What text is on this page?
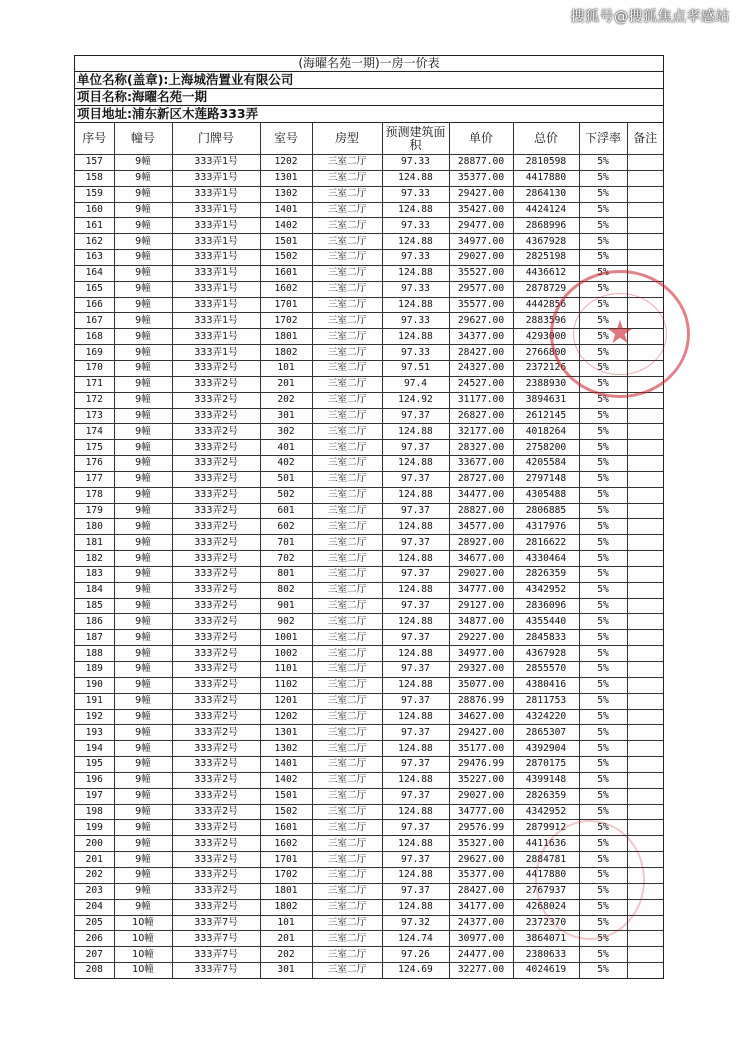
搜狐号@搜狐焦点孝感站
(海曜名苑一期)一房一价表
单位名称(盖章):上海城浩置业有限公司
项目名称:海曜名苑一期
项目地址:浦东新区木莲路333弄
序号	幢号	门牌号	室号	房型	预测建筑面积	单价	总价	下浮率	备注
157	9幢	333弄1号	1202	三室二厅	97.33	28877.00	2810598	5%	
158	9幢	333弄1号	1301	三室二厅	124.88	35377.00	4417880	5%	
159	9幢	333弄1号	1302	三室二厅	97.33	29427.00	2864130	5%	
160	9幢	333弄1号	1401	三室二厅	124.88	35427.00	4424124	5%	
161	9幢	333弄1号	1402	三室二厅	97.33	29477.00	2868996	5%	
162	9幢	333弄1号	1501	三室二厅	124.88	34977.00	4367928	5%	
163	9幢	333弄1号	1502	三室二厅	97.33	29027.00	2825198	5%	
164	9幢	333弄1号	1601	三室二厅	124.88	35527.00	4436612	5%	
165	9幢	333弄1号	1602	三室二厅	97.33	29577.00	2878729	5%	
166	9幢	333弄1号	1701	三室二厅	124.88	35577.00	4442856	5%	
167	9幢	333弄1号	1702	三室二厅	97.33	29627.00	2883596	5%	
168	9幢	333弄1号	1801	三室二厅	124.88	34377.00	4293000	5%	
169	9幢	333弄1号	1802	三室二厅	97.33	28427.00	2766800	5%	
170	9幢	333弄2号	101	三室二厅	97.51	24327.00	2372126	5%	
171	9幢	333弄2号	201	三室二厅	97.4	24527.00	2388930	5%	
172	9幢	333弄2号	202	三室二厅	124.92	31177.00	3894631	5%	
173	9幢	333弄2号	301	三室二厅	97.37	26827.00	2612145	5%	
174	9幢	333弄2号	302	三室二厅	124.88	32177.00	4018264	5%	
175	9幢	333弄2号	401	三室二厅	97.37	28327.00	2758200	5%	
176	9幢	333弄2号	402	三室二厅	124.88	33677.00	4205584	5%	
177	9幢	333弄2号	501	三室二厅	97.37	28727.00	2797148	5%	
178	9幢	333弄2号	502	三室二厅	124.88	34477.00	4305488	5%	
179	9幢	333弄2号	601	三室二厅	97.37	28827.00	2806885	5%	
180	9幢	333弄2号	602	三室二厅	124.88	34577.00	4317976	5%	
181	9幢	333弄2号	701	三室二厅	97.37	28927.00	2816622	5%	
182	9幢	333弄2号	702	三室二厅	124.88	34677.00	4330464	5%	
183	9幢	333弄2号	801	三室二厅	97.37	29027.00	2826359	5%	
184	9幢	333弄2号	802	三室二厅	124.88	34777.00	4342952	5%	
185	9幢	333弄2号	901	三室二厅	97.37	29127.00	2836096	5%	
186	9幢	333弄2号	902	三室二厅	124.88	34877.00	4355440	5%	
187	9幢	333弄2号	1001	三室二厅	97.37	29227.00	2845833	5%	
188	9幢	333弄2号	1002	三室二厅	124.88	34977.00	4367928	5%	
189	9幢	333弄2号	1101	三室二厅	97.37	29327.00	2855570	5%	
190	9幢	333弄2号	1102	三室二厅	124.88	35077.00	4380416	5%	
191	9幢	333弄2号	1201	三室二厅	97.37	28876.99	2811753	5%	
192	9幢	333弄2号	1202	三室二厅	124.88	34627.00	4324220	5%	
193	9幢	333弄2号	1301	三室二厅	97.37	29427.00	2865307	5%	
194	9幢	333弄2号	1302	三室二厅	124.88	35177.00	4392904	5%	
195	9幢	333弄2号	1401	三室二厅	97.37	29476.99	2870175	5%	
196	9幢	333弄2号	1402	三室二厅	124.88	35227.00	4399148	5%	
197	9幢	333弄2号	1501	三室二厅	97.37	29027.00	2826359	5%	
198	9幢	333弄2号	1502	三室二厅	124.88	34777.00	4342952	5%	
199	9幢	333弄2号	1601	三室二厅	97.37	29576.99	2879912	5%	
200	9幢	333弄2号	1602	三室二厅	124.88	35327.00	4411636	5%	
201	9幢	333弄2号	1701	三室二厅	97.37	29627.00	2884781	5%	
202	9幢	333弄2号	1702	三室二厅	124.88	35377.00	4417880	5%	
203	9幢	333弄2号	1801	三室二厅	97.37	28427.00	2767937	5%	
204	9幢	333弄2号	1802	三室二厅	124.88	34177.00	4268024	5%	
205	10幢	333弄7号	101	三室二厅	97.32	24377.00	2372370	5%	
206	10幢	333弄7号	201	三室二厅	124.74	30977.00	3864071	5%	
207	10幢	333弄7号	202	三室二厅	97.26	24477.00	2380633	5%	
208	10幢	333弄7号	301	三室二厅	124.69	32277.00	4024619	5%	
★
